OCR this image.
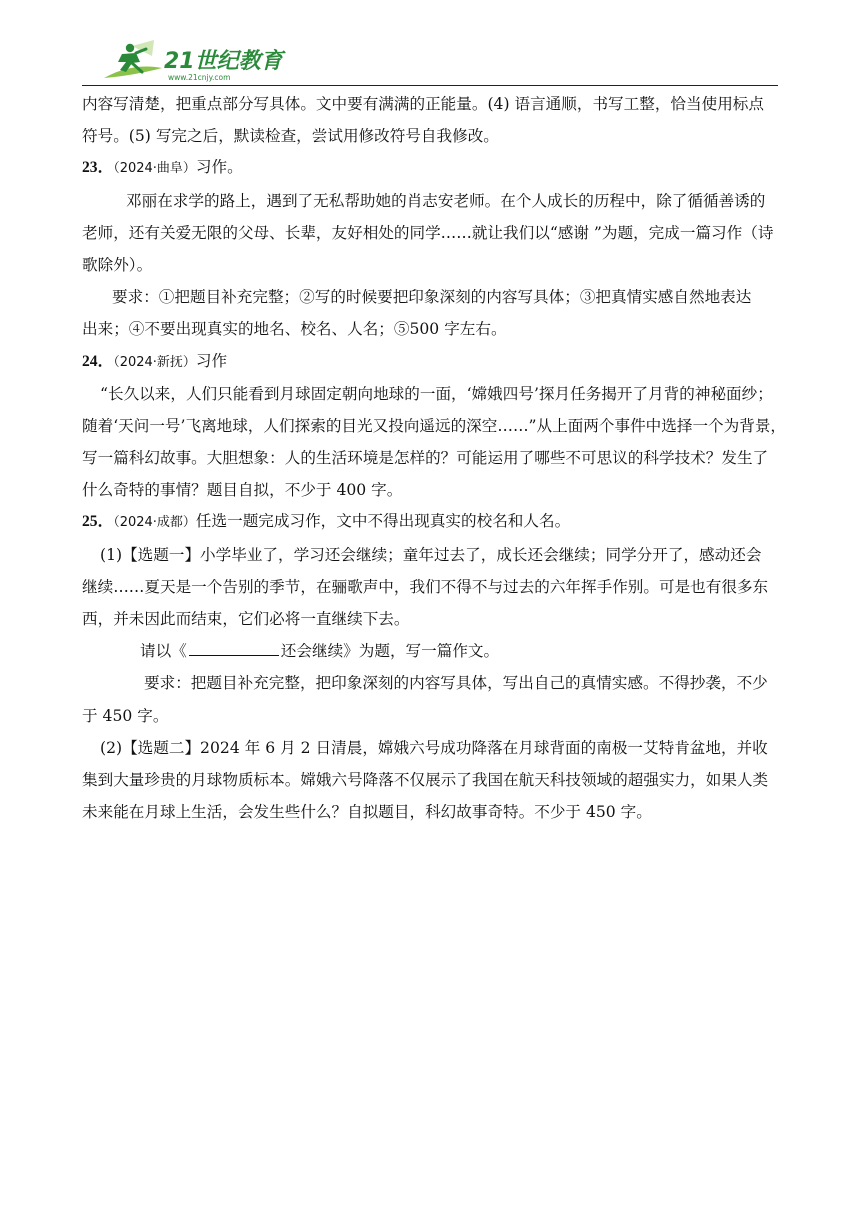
21世纪教育
www.21cnjy.com
内容写清楚，把重点部分写具体。文中要有满满的正能量。(4) 语言通顺，书写工整，恰当使用标点
符号。(5) 写完之后，默读检查，尝试用修改符号自我修改。
23．（2024·曲阜）习作。
邓丽在求学的路上，遇到了无私帮助她的肖志安老师。在个人成长的历程中，除了循循善诱的
老师，还有关爱无限的父母、长辈，友好相处的同学……就让我们以“感谢 ”为题，完成一篇习作（诗
歌除外）。
要求：①把题目补充完整；②写的时候要把印象深刻的内容写具体；③把真情实感自然地表达
出来；④不要出现真实的地名、校名、人名；⑤500 字左右。
24．（2024·新抚）习作
“长久以来，人们只能看到月球固定朝向地球的一面，‘嫦娥四号’探月任务揭开了月背的神秘面纱；
随着‘天问一号’飞离地球，人们探索的目光又投向遥远的深空……”从上面两个事件中选择一个为背景，
写一篇科幻故事。大胆想象：人的生活环境是怎样的？可能运用了哪些不可思议的科学技术？发生了
什么奇特的事情？题目自拟，不少于 400 字。
25．（2024·成都）任选一题完成习作，文中不得出现真实的校名和人名。
(1)【选题一】小学毕业了，学习还会继续；童年过去了，成长还会继续；同学分开了，感动还会
继续……夏天是一个告别的季节，在骊歌声中，我们不得不与过去的六年挥手作别。可是也有很多东
西，并未因此而结束，它们必将一直继续下去。
请以《	还会继续》为题，写一篇作文。
要求：把题目补充完整，把印象深刻的内容写具体，写出自己的真情实感。不得抄袭，不少
于 450 字。
(2)【选题二】2024 年 6 月 2 日清晨，嫦娥六号成功降落在月球背面的南极一艾特肯盆地，并收
集到大量珍贵的月球物质标本。嫦娥六号降落不仅展示了我国在航天科技领域的超强实力，如果人类
未来能在月球上生活，会发生些什么？自拟题目，科幻故事奇特。不少于 450 字。
